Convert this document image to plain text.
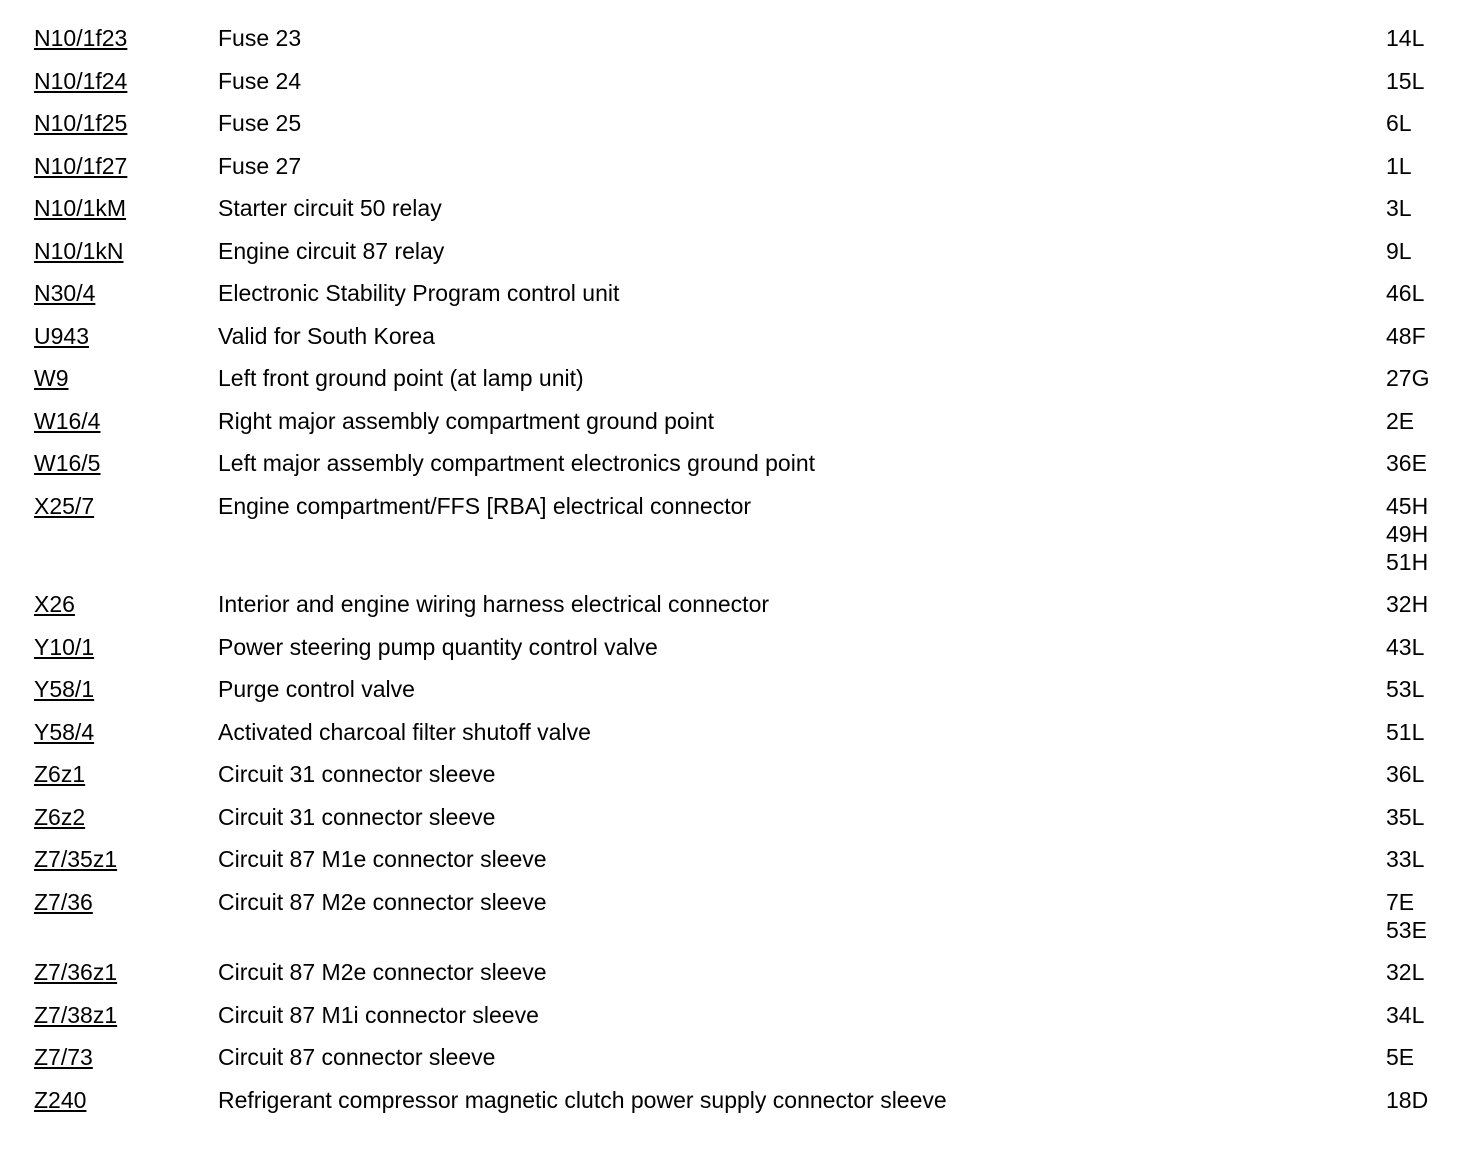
N10/1f23	Fuse 23	14L
N10/1f24	Fuse 24	15L
N10/1f25	Fuse 25	6L
N10/1f27	Fuse 27	1L
N10/1kM	Starter circuit 50 relay	3L
N10/1kN	Engine circuit 87 relay	9L
N30/4	Electronic Stability Program control unit	46L
U943	Valid for South Korea	48F
W9	Left front ground point (at lamp unit)	27G
W16/4	Right major assembly compartment ground point	2E
W16/5	Left major assembly compartment electronics ground point	36E
X25/7	Engine compartment/FFS [RBA] electrical connector	45H
49H
51H
X26	Interior and engine wiring harness electrical connector	32H
Y10/1	Power steering pump quantity control valve	43L
Y58/1	Purge control valve	53L
Y58/4	Activated charcoal filter shutoff valve	51L
Z6z1	Circuit 31 connector sleeve	36L
Z6z2	Circuit 31 connector sleeve	35L
Z7/35z1	Circuit 87 M1e connector sleeve	33L
Z7/36	Circuit 87 M2e connector sleeve	7E
53E
Z7/36z1	Circuit 87 M2e connector sleeve	32L
Z7/38z1	Circuit 87 M1i connector sleeve	34L
Z7/73	Circuit 87 connector sleeve	5E
Z240	Refrigerant compressor magnetic clutch power supply connector sleeve	18D
